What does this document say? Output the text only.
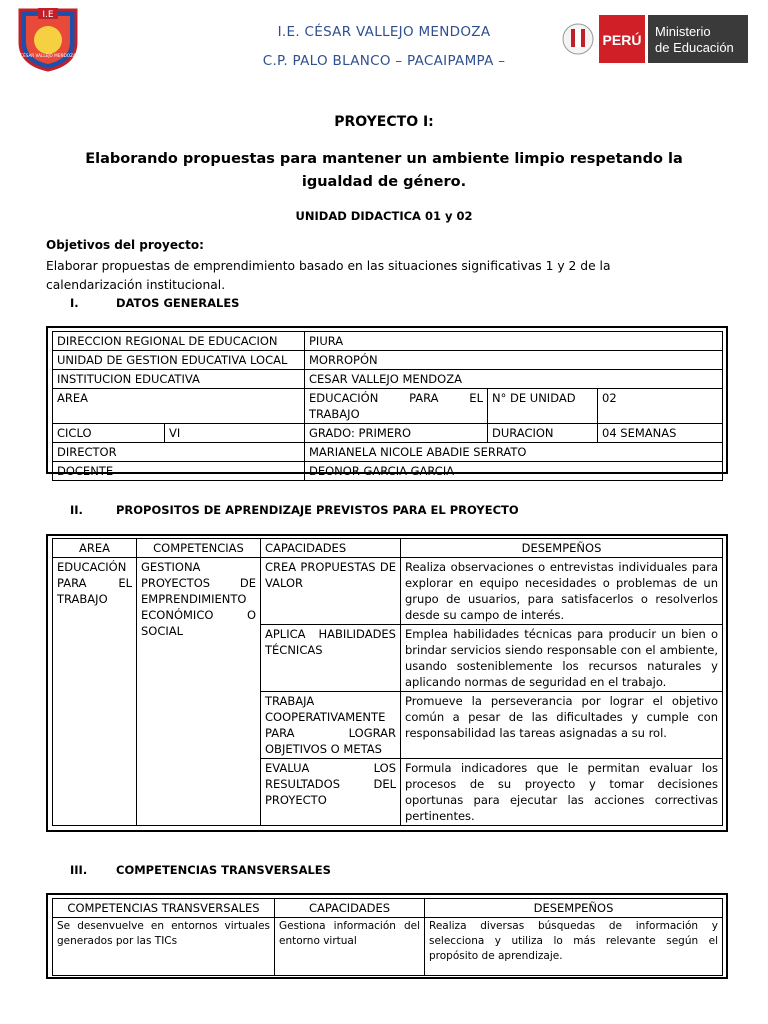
I.E
CÉSAR VALLEJO MENDOZA
I.E. CÉSAR VALLEJO MENDOZA
C.P. PALO BLANCO – PACAIPAMPA –
PERÚ
Ministerio
de Educación
PROYECTO I:
Elaborando propuestas para mantener un ambiente limpio respetando la igualdad de género.
UNIDAD DIDACTICA 01 y 02
Objetivos del proyecto:
Elaborar propuestas de emprendimiento basado en las situaciones significativas 1 y 2 de la calendarización institucional.
I.	DATOS GENERALES
DIRECCION REGIONAL DE EDUCACION		PIURA		
UNIDAD DE GESTION EDUCATIVA LOCAL		MORROPÓN		
INSTITUCION EDUCATIVA		CESAR VALLEJO MENDOZA		
AREA		EDUCACIÓN PARA EL TRABAJO	N° DE UNIDAD	02
CICLO	VI	GRADO: PRIMERO	DURACION	04 SEMANAS
DIRECTOR		MARIANELA NICOLE ABADIE SERRATO		
DOCENTE		DEONOR GARCIA GARCIA		
II.	PROPOSITOS DE APRENDIZAJE PREVISTOS PARA EL PROYECTO
AREA	COMPETENCIAS	CAPACIDADES	DESEMPEÑOS
EDUCACIÓN PARA EL TRABAJO	GESTIONA PROYECTOS DE EMPRENDIMIENTO ECONÓMICO O SOCIAL	CREA PROPUESTAS DE VALOR	Realiza observaciones o entrevistas individuales para explorar en equipo necesidades o problemas de un grupo de usuarios, para satisfacerlos o resolverlos desde su campo de interés.
		APLICA HABILIDADES TÉCNICAS	Emplea habilidades técnicas para producir un bien o brindar servicios siendo responsable con el ambiente, usando sosteniblemente los recursos naturales y aplicando normas de seguridad en el trabajo.
		TRABAJA COOPERATIVAMENTE PARA LOGRAR OBJETIVOS O METAS	Promueve la perseverancia por lograr el objetivo común a pesar de las dificultades y cumple con responsabilidad las tareas asignadas a su rol.
		EVALUA LOS RESULTADOS DEL PROYECTO	Formula indicadores que le permitan evaluar los procesos de su proyecto y tomar decisiones oportunas para ejecutar las acciones correctivas pertinentes.
III.	COMPETENCIAS TRANSVERSALES
COMPETENCIAS TRANSVERSALES	CAPACIDADES	DESEMPEÑOS
Se desenvuelve en entornos virtuales generados por las TICs	Gestiona información del entorno virtual	Realiza diversas búsquedas de información y selecciona y utiliza lo más relevante según el propósito de aprendizaje.
